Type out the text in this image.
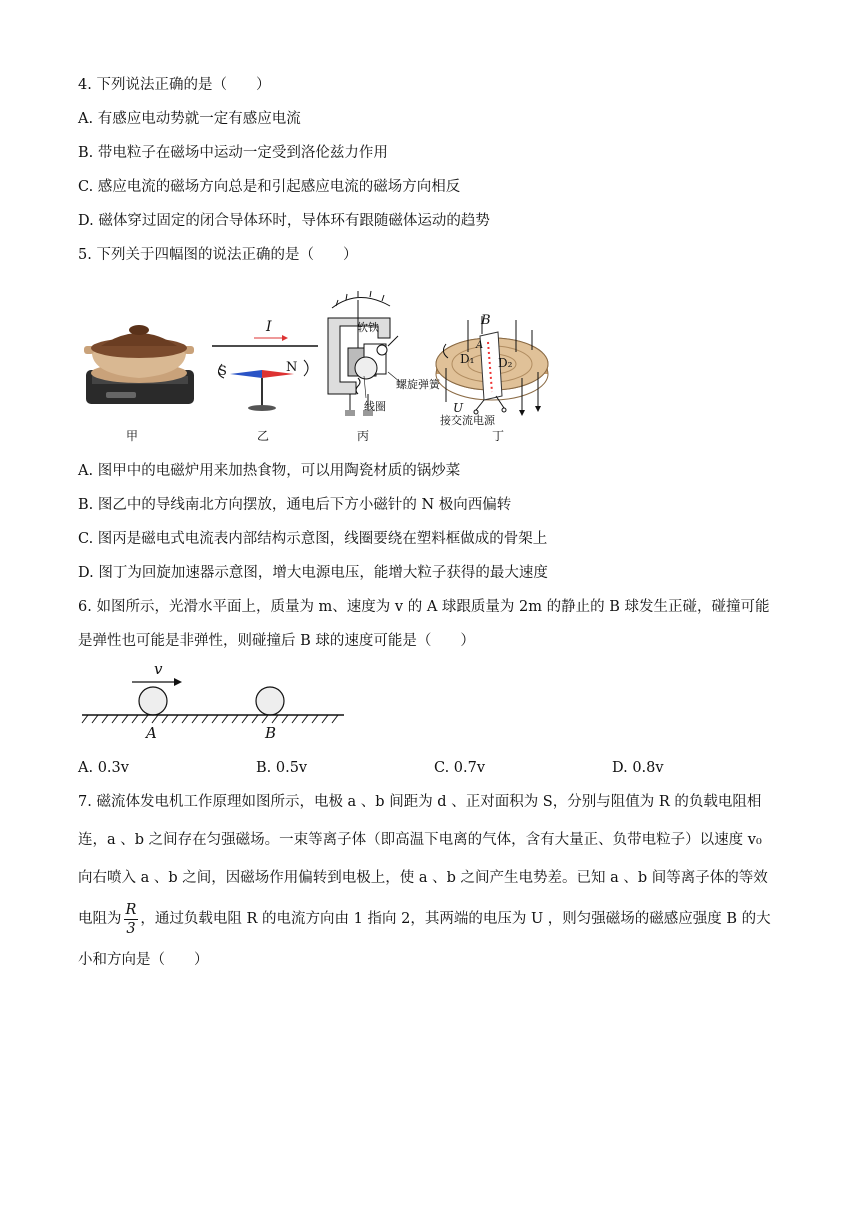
4. 下列说法正确的是（　　）
A. 有感应电动势就一定有感应电流
B. 带电粒子在磁场中运动一定受到洛伦兹力作用
C. 感应电流的磁场方向总是和引起感应电流的磁场方向相反
D. 磁体穿过固定的闭合导体环时，导体环有跟随磁体运动的趋势
5. 下列关于四幅图的说法正确的是（　　）
甲
I
S	N
乙
软铁
螺旋弹簧
线圈
丙
B
D₁
A
D₂
U
接交流电源
丁
A. 图甲中的电磁炉用来加热食物，可以用陶瓷材质的锅炒菜
B. 图乙中的导线南北方向摆放，通电后下方小磁针的 N 极向西偏转
C. 图丙是磁电式电流表内部结构示意图，线圈要绕在塑料框做成的骨架上
D. 图丁为回旋加速器示意图，增大电源电压，能增大粒子获得的最大速度
6. 如图所示，光滑水平面上，质量为 m、速度为 v 的 A 球跟质量为 2m 的静止的 B 球发生正碰，碰撞可能
是弹性也可能是非弹性，则碰撞后 B 球的速度可能是（　　）
v
A	B
A. 0.3v	B. 0.5v	C. 0.7v	D. 0.8v
7. 磁流体发电机工作原理如图所示，电极 a 、b 间距为 d 、正对面积为 S，分别与阻值为 R 的负载电阻相
连，a 、b 之间存在匀强磁场。一束等离子体（即高温下电离的气体，含有大量正、负带电粒子）以速度 v₀
向右喷入 a 、b 之间，因磁场作用偏转到电极上，使 a 、b 之间产生电势差。已知 a 、b 间等离子体的等效
电阻为 $\frac{R}{3}$ ，通过负载电阻 R 的电流方向由 1 指向 2，其两端的电压为 U ，则匀强磁场的磁感应强度 B 的大
小和方向是（　　）
